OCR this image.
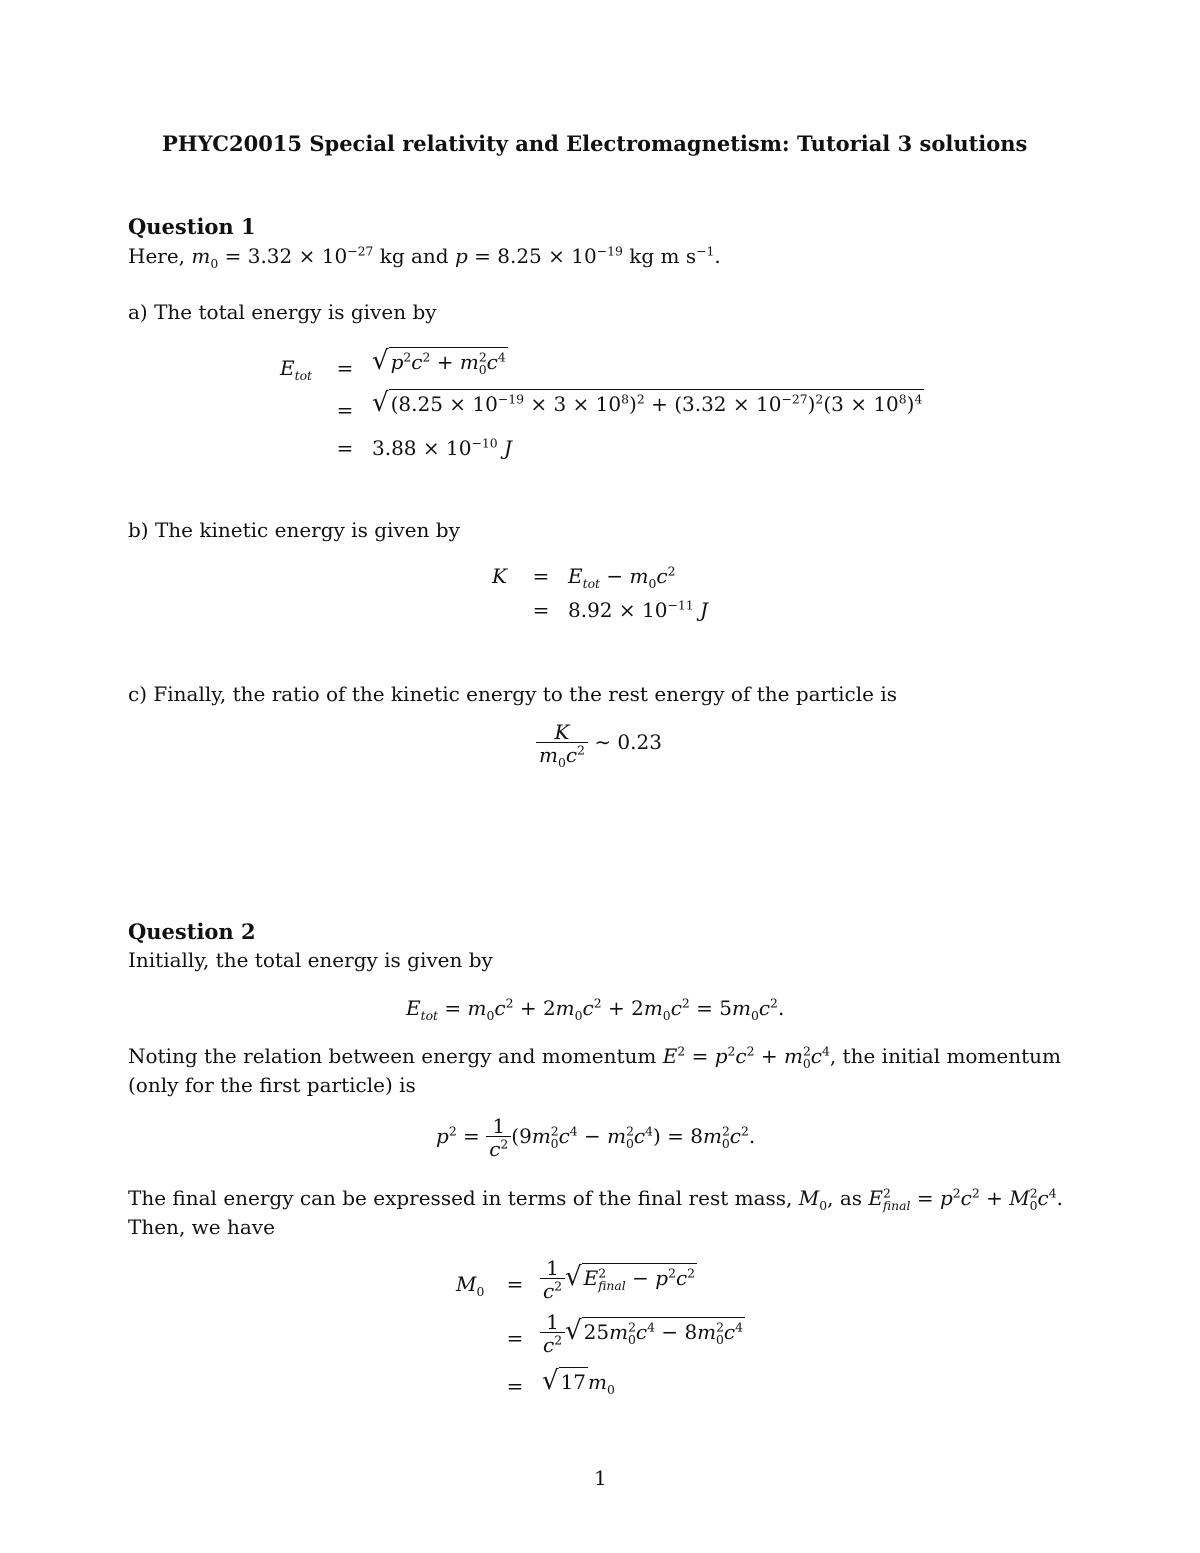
PHYC20015 Special relativity and Electromagnetism: Tutorial 3 solutions
Question 1
Here, $m_0 = 3.32 \times 10^{-27}$ kg and $p = 8.25 \times 10^{-19}$ kg m $s^{-1}$.
a) The total energy is given by
$E_{tot}$	= √ $p^2c^2 + m^2_0c^4$
= √ $(8.25 \times 10^{-19} \times 3 \times 10^8)^2 + (3.32 \times 10^{-27})^2(3 \times 10^8)^4$
= $3.88 \times 10^{-10}$ J
b) The kinetic energy is given by
K	= $E_{tot} - m_0c^2$
= $8.92 \times 10^{-11}$ J
c) Finally, the ratio of the kinetic energy to the rest energy of the particle is
$\frac{K}{m_0c^2}$ ∼ 0.23
Question 2
Initially, the total energy is given by
$E_{tot} = m_0c^2 + 2m_0c^2 + 2m_0c^2 = 5m_0c^2$.
Noting the relation between energy and momentum $E^2 = p^2c^2 + m^2_0c^4$, the initial momentum
(only for the first particle) is
$p^2 = \frac{1}{c^2} (9m^2_0c^4 - m^2_0c^4) = 8m^2_0c^2$.
The final energy can be expressed in terms of the final rest mass, $M_0$, as $E^2_{final} = p^2c^2 + M^2_0c^4$.
Then, we have
$M_0$	= $\frac{1}{c^2}$ √ $E^2_{final} - p^2c^2$
= $\frac{1}{c^2}$ √ $25m^2_0c^4 - 8m^2_0c^4$
= √ 17 $m_0$
1
